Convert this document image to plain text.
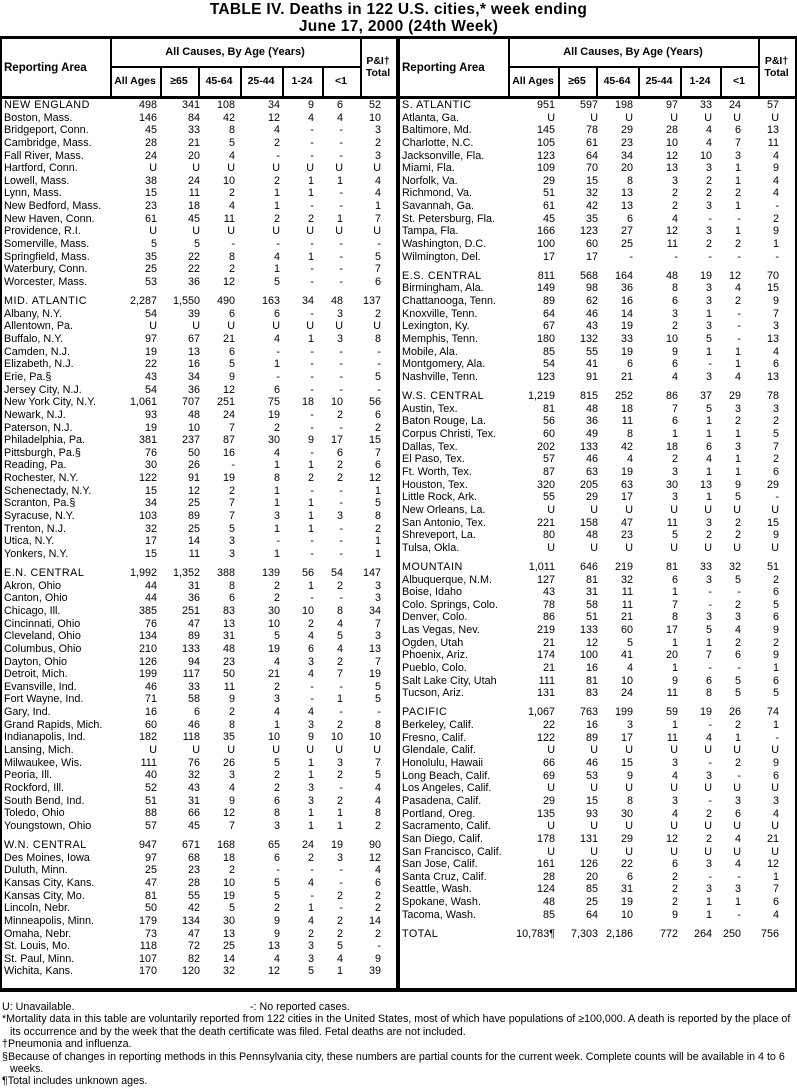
TABLE IV. Deaths in 122 U.S. cities,* week ending
June 17, 2000 (24th Week)
Reporting Area
All Causes, By Age (Years)
All Ages	≥65	45-64	25-44	1-24	<1
P&I†
Total Reporting Area
All Causes, By Age (Years)
All Ages	≥65	45-64	25-44	1-24	<1
P&I†
Total
NEW ENGLAND	498	341	108	34	9	6	52
Boston, Mass.	146	84	42	12	4	4	10
Bridgeport, Conn.	45	33	8	4	-	-	3
Cambridge, Mass.	28	21	5	2	-	-	2
Fall River, Mass.	24	20	4	-	-	-	3
Hartford, Conn.	U	U	U	U	U	U	U
Lowell, Mass.	38	24	10	2	1	1	4
Lynn, Mass.	15	11	2	1	1	-	4
New Bedford, Mass.	23	18	4	1	-	-	1
New Haven, Conn.	61	45	11	2	2	1	7
Providence, R.I.	U	U	U	U	U	U	U
Somerville, Mass.	5	5	-	-	-	-	-
Springfield, Mass.	35	22	8	4	1	-	5
Waterbury, Conn.	25	22	2	1	-	-	7
Worcester, Mass.	53	36	12	5	-	-	6
MID. ATLANTIC	2,287	1,550	490	163	34	48	137
Albany, N.Y.	54	39	6	6	-	3	2
Allentown, Pa.	U	U	U	U	U	U	U
Buffalo, N.Y.	97	67	21	4	1	3	8
Camden, N.J.	19	13	6	-	-	-	-
Elizabeth, N.J.	22	16	5	1	-	-	-
Erie, Pa.§	43	34	9	-	-	-	5
Jersey City, N.J.	54	36	12	6	-	-	-
New York City, N.Y.	1,061	707	251	75	18	10	56
Newark, N.J.	93	48	24	19	-	2	6
Paterson, N.J.	19	10	7	2	-	-	2
Philadelphia, Pa.	381	237	87	30	9	17	15
Pittsburgh, Pa.§	76	50	16	4	-	6	7
Reading, Pa.	30	26	-	1	1	2	6
Rochester, N.Y.	122	91	19	8	2	2	12
Schenectady, N.Y.	15	12	2	1	-	-	1
Scranton, Pa.§	34	25	7	1	1	-	5
Syracuse, N.Y.	103	89	7	3	1	3	8
Trenton, N.J.	32	25	5	1	1	-	2
Utica, N.Y.	17	14	3	-	-	-	1
Yonkers, N.Y.	15	11	3	1	-	-	1
E.N. CENTRAL	1,992	1,352	388	139	56	54	147
Akron, Ohio	44	31	8	2	1	2	3
Canton, Ohio	44	36	6	2	-	-	3
Chicago, Ill.	385	251	83	30	10	8	34
Cincinnati, Ohio	76	47	13	10	2	4	7
Cleveland, Ohio	134	89	31	5	4	5	3
Columbus, Ohio	210	133	48	19	6	4	13
Dayton, Ohio	126	94	23	4	3	2	7
Detroit, Mich.	199	117	50	21	4	7	19
Evansville, Ind.	46	33	11	2	-	-	5
Fort Wayne, Ind.	71	58	9	3	-	1	5
Gary, Ind.	16	6	2	4	4	-	-
Grand Rapids, Mich.	60	46	8	1	3	2	8
Indianapolis, Ind.	182	118	35	10	9	10	10
Lansing, Mich.	U	U	U	U	U	U	U
Milwaukee, Wis.	111	76	26	5	1	3	7
Peoria, Ill.	40	32	3	2	1	2	5
Rockford, Ill.	52	43	4	2	3	-	4
South Bend, Ind.	51	31	9	6	3	2	4
Toledo, Ohio	88	66	12	8	1	1	8
Youngstown, Ohio	57	45	7	3	1	1	2
W.N. CENTRAL	947	671	168	65	24	19	90
Des Moines, Iowa	97	68	18	6	2	3	12
Duluth, Minn.	25	23	2	-	-	-	4
Kansas City, Kans.	47	28	10	5	4	-	6
Kansas City, Mo.	81	55	19	5	-	2	2
Lincoln, Nebr.	50	42	5	2	1	-	2
Minneapolis, Minn.	179	134	30	9	4	2	14
Omaha, Nebr.	73	47	13	9	2	2	2
St. Louis, Mo.	118	72	25	13	3	5	-
St. Paul, Minn.	107	82	14	4	3	4	9
Wichita, Kans.	170	120	32	12	5	1	39
S. ATLANTIC	951	597	198	97	33	24	57
Atlanta, Ga.	U	U	U	U	U	U	U
Baltimore, Md.	145	78	29	28	4	6	13
Charlotte, N.C.	105	61	23	10	4	7	11
Jacksonville, Fla.	123	64	34	12	10	3	4
Miami, Fla.	109	70	20	13	3	1	9
Norfolk, Va.	29	15	8	3	2	1	4
Richmond, Va.	51	32	13	2	2	2	4
Savannah, Ga.	61	42	13	2	3	1	-
St. Petersburg, Fla.	45	35	6	4	-	-	2
Tampa, Fla.	166	123	27	12	3	1	9
Washington, D.C.	100	60	25	11	2	2	1
Wilmington, Del.	17	17	-	-	-	-	-
E.S. CENTRAL	811	568	164	48	19	12	70
Birmingham, Ala.	149	98	36	8	3	4	15
Chattanooga, Tenn.	89	62	16	6	3	2	9
Knoxville, Tenn.	64	46	14	3	1	-	7
Lexington, Ky.	67	43	19	2	3	-	3
Memphis, Tenn.	180	132	33	10	5	-	13
Mobile, Ala.	85	55	19	9	1	1	4
Montgomery, Ala.	54	41	6	6	-	1	6
Nashville, Tenn.	123	91	21	4	3	4	13
W.S. CENTRAL	1,219	815	252	86	37	29	78
Austin, Tex.	81	48	18	7	5	3	3
Baton Rouge, La.	56	36	11	6	1	2	2
Corpus Christi, Tex.	60	49	8	1	1	1	5
Dallas, Tex.	202	133	42	18	6	3	7
El Paso, Tex.	57	46	4	2	4	1	2
Ft. Worth, Tex.	87	63	19	3	1	1	6
Houston, Tex.	320	205	63	30	13	9	29
Little Rock, Ark.	55	29	17	3	1	5	-
New Orleans, La.	U	U	U	U	U	U	U
San Antonio, Tex.	221	158	47	11	3	2	15
Shreveport, La.	80	48	23	5	2	2	9
Tulsa, Okla.	U	U	U	U	U	U	U
MOUNTAIN	1,011	646	219	81	33	32	51
Albuquerque, N.M.	127	81	32	6	3	5	2
Boise, Idaho	43	31	11	1	-	-	6
Colo. Springs, Colo.	78	58	11	7	-	2	5
Denver, Colo.	86	51	21	8	3	3	6
Las Vegas, Nev.	219	133	60	17	5	4	9
Ogden, Utah	21	12	5	1	1	2	2
Phoenix, Ariz.	174	100	41	20	7	6	9
Pueblo, Colo.	21	16	4	1	-	-	1
Salt Lake City, Utah	111	81	10	9	6	5	6
Tucson, Ariz.	131	83	24	11	8	5	5
PACIFIC	1,067	763	199	59	19	26	74
Berkeley, Calif.	22	16	3	1	-	2	1
Fresno, Calif.	122	89	17	11	4	1	-
Glendale, Calif.	U	U	U	U	U	U	U
Honolulu, Hawaii	66	46	15	3	-	2	9
Long Beach, Calif.	69	53	9	4	3	-	6
Los Angeles, Calif.	U	U	U	U	U	U	U
Pasadena, Calif.	29	15	8	3	-	3	3
Portland, Oreg.	135	93	30	4	2	6	4
Sacramento, Calif.	U	U	U	U	U	U	U
San Diego, Calif.	178	131	29	12	2	4	21
San Francisco, Calif.	U	U	U	U	U	U	U
San Jose, Calif.	161	126	22	6	3	4	12
Santa Cruz, Calif.	28	20	6	2	-	-	1
Seattle, Wash.	124	85	31	2	3	3	7
Spokane, Wash.	48	25	19	2	1	1	6
Tacoma, Wash.	85	64	10	9	1	-	4
TOTAL	10,783¶	7,303 2,186	772	264	250	756
U: Unavailable.	-: No reported cases.
*Mortality data in this table are voluntarily reported from 122 cities in the United States, most of which have populations of ≥100,000. A death is reported by the place of its occurrence and by the week that the death certificate was filed. Fetal deaths are not included.
†Pneumonia and influenza.
§Because of changes in reporting methods in this Pennsylvania city, these numbers are partial counts for the current week. Complete counts will be available in 4 to 6 weeks.
¶Total includes unknown ages.
